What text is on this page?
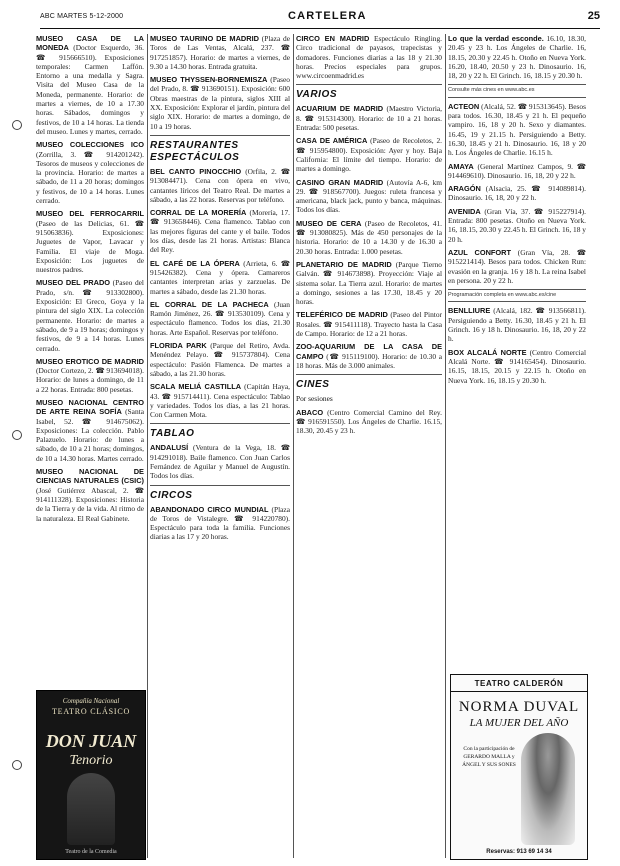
ABC MARTES 5-12-2000	CARTELERA	25

MUSEO CASA DE LA MONEDA (Doctor Esquerdo, 36. ☎ 915666510). Exposiciones temporales: Carmen Laffón. Entorno a una medalla y Sagra. Visita del Museo Casa de la Moneda, permanente. Horario: de martes a viernes, de 10 a 17.30 horas. Sábados, domingos y festivos, de 10 a 14 horas. La tienda del museo. Lunes y martes, cerrado.

MUSEO COLECCIONES ICO (Zorrilla, 3. ☎ 914201242). Tesoros de museos y colecciones de la provincia. Horario: de martes a sábado, de 11 a 20 horas; domingos y festivos, de 10 a 14 horas. Lunes cerrado.

MUSEO DEL FERROCARRIL (Paseo de las Delicias, 61. ☎ 915063836). Exposiciones: Juguetes de Vapor, Lavacar y Familia. El viaje de Moga. Exposición: Los juguetes de nuestros padres.

MUSEO DEL PRADO (Paseo del Prado, s/n. ☎ 913302800). Exposición: El Greco, Goya y la pintura del siglo XIX. La colección permanente. Horario: de martes a sábado, de 9 a 19 horas; domingos y festivos, de 9 a 14 horas. Lunes cerrado.

MUSEO EROTICO DE MADRID (Doctor Cortezo, 2. ☎ 913694018). Horario: de lunes a domingo, de 11 a 22 horas. Entrada: 800 pesetas.

MUSEO NACIONAL CENTRO DE ARTE REINA SOFÍA (Santa Isabel, 52. ☎ 914675062). Exposiciones: La colección. Pablo Palazuelo. Horario: de lunes a sábado, de 10 a 21 horas; domingos, de 10 a 14.30 horas. Martes cerrado.

MUSEO NACIONAL DE CIENCIAS NATURALES (CSIC) (José Gutiérrez Abascal, 2. ☎ 914111328). Exposiciones: Historia de la Tierra y de la vida. Al ritmo de la naturaleza. El Real Gabinete.

Compañía Nacional
TEATRO CLÁSICO
DON JUAN
Tenorio
Teatro de la Comedia

MUSEO TAURINO DE MADRID (Plaza de Toros de Las Ventas, Alcalá, 237. ☎ 917251857). Horario: de martes a viernes, de 9.30 a 14.30 horas. Entrada gratuita.

MUSEO THYSSEN-BORNEMISZA (Paseo del Prado, 8. ☎ 913690151). Exposición: 600 Obras maestras de la pintura, siglos XIII al XX. Exposición: Explorar el jardín, pintura del siglo XIX. Horario: de martes a domingo, de 10 a 19 horas.

RESTAURANTES ESPECTÁCULOS

BEL CANTO PINOCCHIO (Orfila, 2. ☎ 913084471). Cena con ópera en vivo, cantantes líricos del Teatro Real. De martes a sábado, a las 22 horas. Reservas por teléfono.

CORRAL DE LA MORERÍA (Morería, 17. ☎ 913658446). Cena flamenco. Tablao con las mejores figuras del cante y el baile. Todos los días, desde las 21 horas. Artistas: Blanca del Rey.

EL CAFÉ DE LA ÓPERA (Arrieta, 6. ☎ 915426382). Cena y ópera. Camareros cantantes interpretan arias y zarzuelas. De martes a sábado, desde las 21.30 horas.

EL CORRAL DE LA PACHECA (Juan Ramón Jiménez, 26. ☎ 913530109). Cena y espectáculo flamenco. Todos los días, 21.30 horas. Arte Español. Reservas por teléfono.

FLORIDA PARK (Parque del Retiro, Avda. Menéndez Pelayo. ☎ 915737804). Cena espectáculo: Pasión Flamenca. De martes a sábado, a las 21.30 horas.

SCALA MELIÁ CASTILLA (Capitán Haya, 43. ☎ 915714411). Cena espectáculo: Tablao y variedades. Todos los días, a las 21 horas. Con Carmen Mota.

TABLAO

ANDALUSÍ (Ventura de la Vega, 18. ☎ 914291018). Baile flamenco. Con Juan Carlos Fernández de Aguilar y Manuel de Augustín. Todos los días.

CIRCOS

ABANDONADO CIRCO MUNDIAL (Plaza de Toros de Vistalegre. ☎ 914220780). Espectáculo para toda la familia. Funciones diarias a las 17 y 20 horas.

CIRCO EN MADRID Espectáculo Ringling. Circo tradicional de payasos, trapecistas y domadores. Funciones diarias a las 18 y 21.30 horas. Precios especiales para grupos. www.circoenmadrid.es

VARIOS

ACUARIUM DE MADRID (Maestro Victoria, 8. ☎ 915314300). Horario: de 10 a 21 horas. Entrada: 500 pesetas.

CASA DE AMÉRICA (Paseo de Recoletos, 2. ☎ 915954800). Exposición: Ayer y hoy. Baja California: El límite del tiempo. Horario: de martes a domingo.

CASINO GRAN MADRID (Autovía A-6, km 29. ☎ 918567700). Juegos: ruleta francesa y americana, black jack, punto y banca, máquinas. Todos los días.

MUSEO DE CERA (Paseo de Recoletos, 41. ☎ 913080825). Más de 450 personajes de la historia. Horario: de 10 a 14.30 y de 16.30 a 20.30 horas. Entrada: 1.000 pesetas.

PLANETARIO DE MADRID (Parque Tierno Galván. ☎ 914673898). Proyección: Viaje al sistema solar. La Tierra azul. Horario: de martes a domingo, sesiones a las 17.30, 18.45 y 20 horas.

TELEFÉRICO DE MADRID (Paseo del Pintor Rosales. ☎ 915411118). Trayecto hasta la Casa de Campo. Horario: de 12 a 21 horas.

ZOO-AQUARIUM DE LA CASA DE CAMPO (☎ 915119100). Horario: de 10.30 a 18 horas. Más de 3.000 animales.

CINES
Por sesiones

ABACO (Centro Comercial Camino del Rey. ☎ 916591550). Los Ángeles de Charlie. 16.15, 18.30, 20.45 y 23 h.

Lo que la verdad esconde. 16.10, 18.30, 20.45 y 23 h. Los Ángeles de Charlie. 16, 18.15, 20.30 y 22.45 h. Otoño en Nueva York. 16.20, 18.40, 20.50 y 23 h. Dinosaurio. 16, 18, 20 y 22 h. El Grinch. 16, 18.15 y 20.30 h.

Consulte más cines en www.abc.es

ACTEON (Alcalá, 52. ☎ 915313645). Besos para todos. 16.30, 18.45 y 21 h. El pequeño vampiro. 16, 18 y 20 h. Sexo y diamantes. 16.45, 19 y 21.15 h. Persiguiendo a Betty. 16.30, 18.45 y 21 h. Dinosaurio. 16, 18 y 20 h. Los Ángeles de Charlie. 16.15 h.

AMAYA (General Martínez Campos, 9. ☎ 914469610). Dinosaurio. 16, 18, 20 y 22 h.

ARAGÓN (Alsacia, 25. ☎ 914089814). Dinosaurio. 16, 18, 20 y 22 h.

AVENIDA (Gran Vía, 37. ☎ 915227914). Entrada: 800 pesetas. Otoño en Nueva York. 16, 18.15, 20.30 y 22.45 h. El Grinch. 16, 18 y 20 h.

AZUL CONFORT (Gran Vía, 28. ☎ 915221414). Besos para todos. Chicken Run: evasión en la granja. 16 y 18 h. La reina Isabel en persona. 20 y 22 h.

Programación completa en www.abc.es/cine

BENLLIURE (Alcalá, 182. ☎ 913566811). Persiguiendo a Betty. 16.30, 18.45 y 21 h. El Grinch. 16 y 18 h. Dinosaurio. 16, 18, 20 y 22 h.

BOX ALCALÁ NORTE (Centro Comercial Alcalá Norte. ☎ 914165454). Dinosaurio. 16.15, 18.15, 20.15 y 22.15 h. Otoño en Nueva York. 16, 18.15 y 20.30 h.

TEATRO CALDERÓN
NORMA DUVAL
LA MUJER DEL AÑO
Con la participación de GERARDO MALLA y ÁNGEL Y SUS SONES
Reservas: 913 69 14 34
